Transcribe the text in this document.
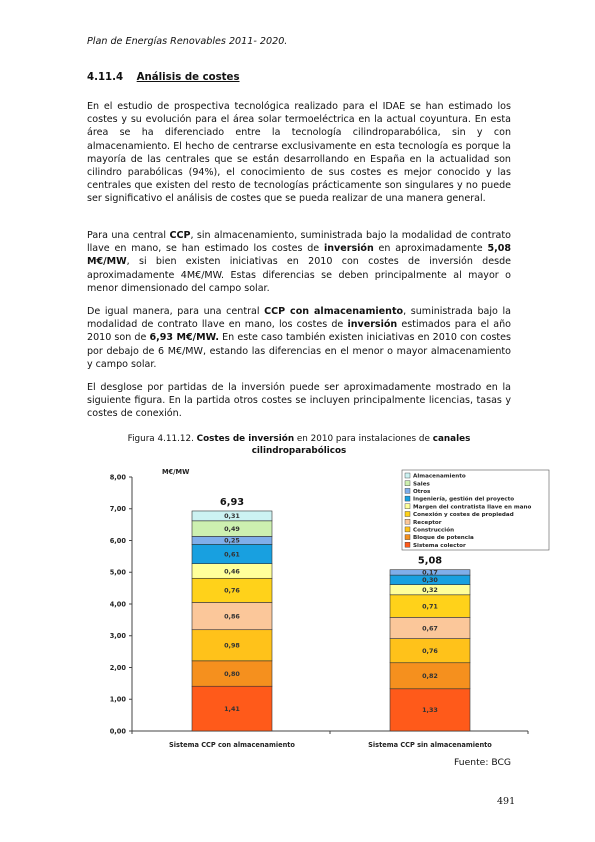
Plan de Energías Renovables 2011- 2020.
4.11.4 Análisis de costes

En el estudio de prospectiva tecnológica realizado para el IDAE se han estimado los costes y su evolución para el área solar termoeléctrica en la actual coyuntura. En esta área se ha diferenciado entre la tecnología cilindroparabólica, sin y con almacenamiento. El hecho de centrarse exclusivamente en esta tecnología es porque la mayoría de las centrales que se están desarrollando en España en la actualidad son cilindro parabólicas (94%), el conocimiento de sus costes es mejor conocido y las centrales que existen del resto de tecnologías prácticamente son singulares y no puede ser significativo el análisis de costes que se pueda realizar de una manera general.

Para una central CCP, sin almacenamiento, suministrada bajo la modalidad de contrato llave en mano, se han estimado los costes de inversión en aproximadamente 5,08 M€/MW, si bien existen iniciativas en 2010 con costes de inversión desde aproximadamente 4M€/MW. Estas diferencias se deben principalmente al mayor o menor dimensionado del campo solar.

De igual manera, para una central CCP con almacenamiento, suministrada bajo la modalidad de contrato llave en mano, los costes de inversión estimados para el año 2010 son de 6,93 M€/MW. En este caso también existen iniciativas en 2010 con costes por debajo de 6 M€/MW, estando las diferencias en el menor o mayor almacenamiento y campo solar.

El desglose por partidas de la inversión puede ser aproximadamente mostrado en la siguiente figura. En la partida otros costes se incluyen principalmente licencias, tasas y costes de conexión.

Figura 4.11.12. Costes de inversión en 2010 para instalaciones de canales
cilindroparabólicos
0,00
1,00
2,00
3,00
4,00
5,00
6,00
7,00
8,00
M€/MW
1,41
0,80
0,98
0,86
0,76
0,46
0,61
0,25
0,49
0,31
6,93
Sistema CCP con almacenamiento
1,33
0,82
0,76
0,67
0,71
0,32
0,30
0,17
5,08
Sistema CCP sin almacenamiento
Almacenamiento
Sales
Otros
Ingeniería, gestión del proyecto
Margen del contratista llave en mano
Conexión y costes de propiedad
Receptor
Construcción
Bloque de potencia
Sistema colector
Fuente: BCG
491
